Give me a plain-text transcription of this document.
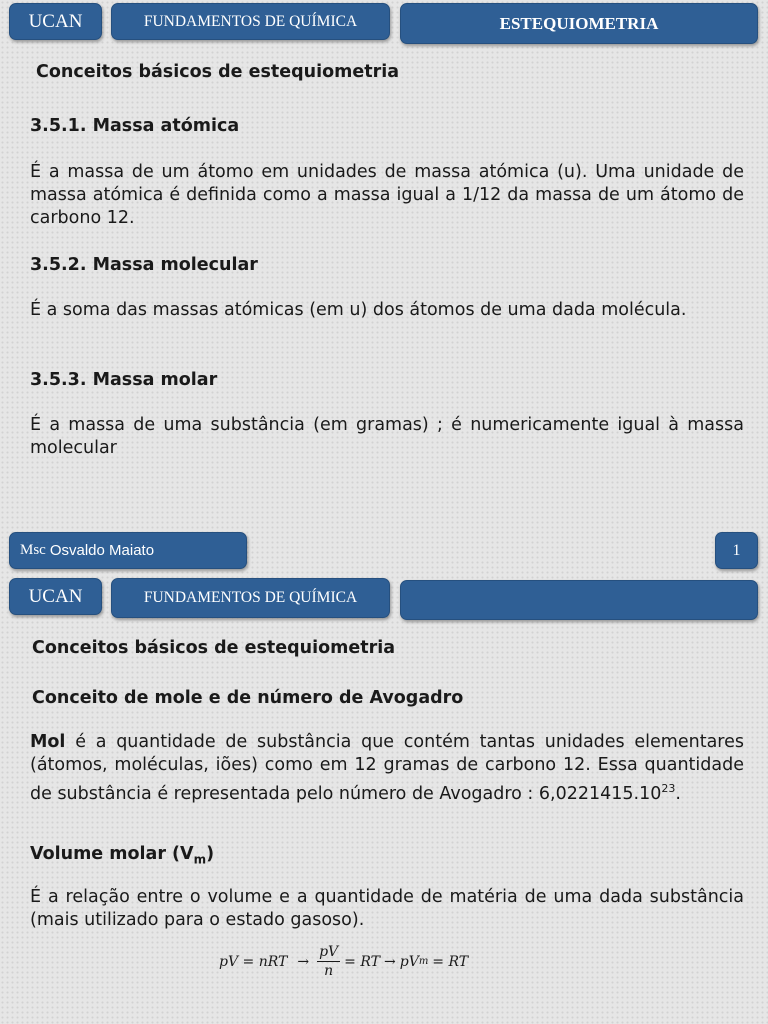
UCAN	FUNDAMENTOS DE QUÍMICA	ESTEQUIOMETRIA
Conceitos básicos de estequiometria
3.5.1. Massa atómica
É a massa de um átomo em unidades de massa atómica (u). Uma unidade de massa atómica é definida como a massa igual a 1/12 da massa de um átomo de carbono 12.
3.5.2. Massa molecular
É a soma das massas atómicas (em u) dos átomos de uma dada molécula.
3.5.3. Massa molar
É a massa de uma substância (em gramas) ; é numericamente igual à massa molecular
Msc Osvaldo Maiato	1
UCAN	FUNDAMENTOS DE QUÍMICA
Conceitos básicos de estequiometria
Conceito de mole e de número de Avogadro
Mol é a quantidade de substância que contém tantas unidades elementares (átomos, moléculas, iões) como em 12 gramas de carbono 12. Essa quantidade de substância é representada pelo número de Avogadro : 6,0221415.10$^{23}$.
Volume molar $(V_m)$
É a relação entre o volume e a quantidade de matéria de uma dada substância (mais utilizado para o estado gasoso).
pV = nRT → $\frac{pV}{n}$ = RT → pV m = RT
